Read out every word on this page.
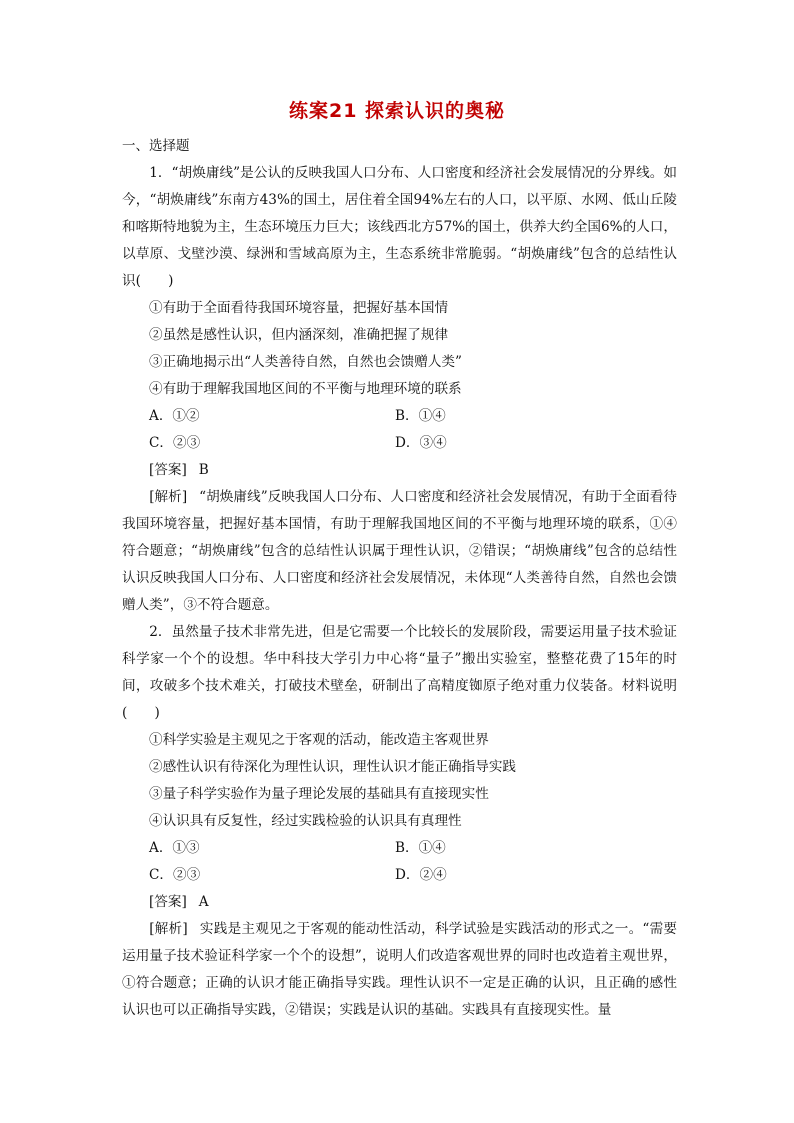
练案21 探索认识的奥秘
一、选择题

1．“胡焕庸线”是公认的反映我国人口分布、人口密度和经济社会发展情况的分界线。如今，“胡焕庸线”东南方43%的国土，居住着全国94%左右的人口，以平原、水网、低山丘陵和喀斯特地貌为主，生态环境压力巨大；该线西北方57%的国土，供养大约全国6%的人口，以草原、戈壁沙漠、绿洲和雪域高原为主，生态系统非常脆弱。“胡焕庸线”包含的总结性认识(　　)

①有助于全面看待我国环境容量，把握好基本国情

②虽然是感性认识，但内涵深刻，准确把握了规律

③正确地揭示出“人类善待自然，自然也会馈赠人类”

④有助于理解我国地区间的不平衡与地理环境的联系

A．①②	B．①④
C．②③	D．③④

[答案] B

[解析] “胡焕庸线”反映我国人口分布、人口密度和经济社会发展情况，有助于全面看待我国环境容量，把握好基本国情，有助于理解我国地区间的不平衡与地理环境的联系，①④符合题意；“胡焕庸线”包含的总结性认识属于理性认识，②错误；“胡焕庸线”包含的总结性认识反映我国人口分布、人口密度和经济社会发展情况，未体现“人类善待自然，自然也会馈赠人类”，③不符合题意。

2．虽然量子技术非常先进，但是它需要一个比较长的发展阶段，需要运用量子技术验证科学家一个个的设想。华中科技大学引力中心将“量子”搬出实验室，整整花费了15年的时间，攻破多个技术难关，打破技术壁垒，研制出了高精度铷原子绝对重力仪装备。材料说明(　　)

①科学实验是主观见之于客观的活动，能改造主客观世界

②感性认识有待深化为理性认识，理性认识才能正确指导实践

③量子科学实验作为量子理论发展的基础具有直接现实性

④认识具有反复性，经过实践检验的认识具有真理性

A．①③	B．①④
C．②③	D．②④

[答案] A

[解析] 实践是主观见之于客观的能动性活动，科学试验是实践活动的形式之一。“需要运用量子技术验证科学家一个个的设想”，说明人们改造客观世界的同时也改造着主观世界，①符合题意；正确的认识才能正确指导实践。理性认识不一定是正确的认识，且正确的感性认识也可以正确指导实践，②错误；实践是认识的基础。实践具有直接现实性。量
